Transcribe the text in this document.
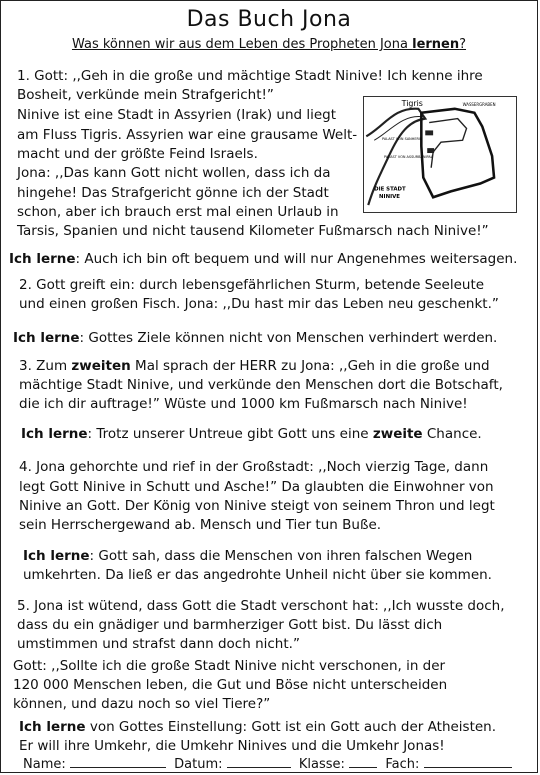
Das Buch Jona
Was können wir aus dem Leben des Propheten Jona lernen?
1. Gott: ,,Geh in die große und mächtige Stadt Ninive! Ich kenne ihre
Bosheit, verkünde mein Strafgericht!”
Ninive ist eine Stadt in Assyrien (Irak) und liegt
am Fluss Tigris. Assyrien war eine grausame Welt-
macht und der größte Feind Israels.
Jona: ,,Das kann Gott nicht wollen, dass ich da
hingehe! Das Strafgericht gönne ich der Stadt
schon, aber ich brauch erst mal einen Urlaub in
Tarsis, Spanien und nicht tausend Kilometer Fußmarsch nach Ninive!”
Tigris	WASSERGRABEN
PALAST VON SANHERIB
PALAST VON ASSURBANIPAL
DIE STADT
NINIVE
Ich lerne: Auch ich bin oft bequem und will nur Angenehmes weitersagen.
2. Gott greift ein: durch lebensgefährlichen Sturm, betende Seeleute
und einen großen Fisch. Jona: ,,Du hast mir das Leben neu geschenkt.”
Ich lerne: Gottes Ziele können nicht von Menschen verhindert werden.
3. Zum zweiten Mal sprach der HERR zu Jona: ,,Geh in die große und
mächtige Stadt Ninive, und verkünde den Menschen dort die Botschaft,
die ich dir auftrage!” Wüste und 1000 km Fußmarsch nach Ninive!
Ich lerne: Trotz unserer Untreue gibt Gott uns eine zweite Chance.
4. Jona gehorchte und rief in der Großstadt: ,,Noch vierzig Tage, dann
legt Gott Ninive in Schutt und Asche!” Da glaubten die Einwohner von
Ninive an Gott. Der König von Ninive steigt von seinem Thron und legt
sein Herrschergewand ab. Mensch und Tier tun Buße.
Ich lerne: Gott sah, dass die Menschen von ihren falschen Wegen
umkehrten. Da ließ er das angedrohte Unheil nicht über sie kommen.
5. Jona ist wütend, dass Gott die Stadt verschont hat: ,,Ich wusste doch,
dass du ein gnädiger und barmherziger Gott bist. Du lässt dich
umstimmen und strafst dann doch nicht.”
Gott: ,,Sollte ich die große Stadt Ninive nicht verschonen, in der
120 000 Menschen leben, die Gut und Böse nicht unterscheiden
können, und dazu noch so viel Tiere?”
Ich lerne von Gottes Einstellung: Gott ist ein Gott auch der Atheisten.
Er will ihre Umkehr, die Umkehr Ninives und die Umkehr Jonas!
Name:	Datum:	Klasse:	Fach:
